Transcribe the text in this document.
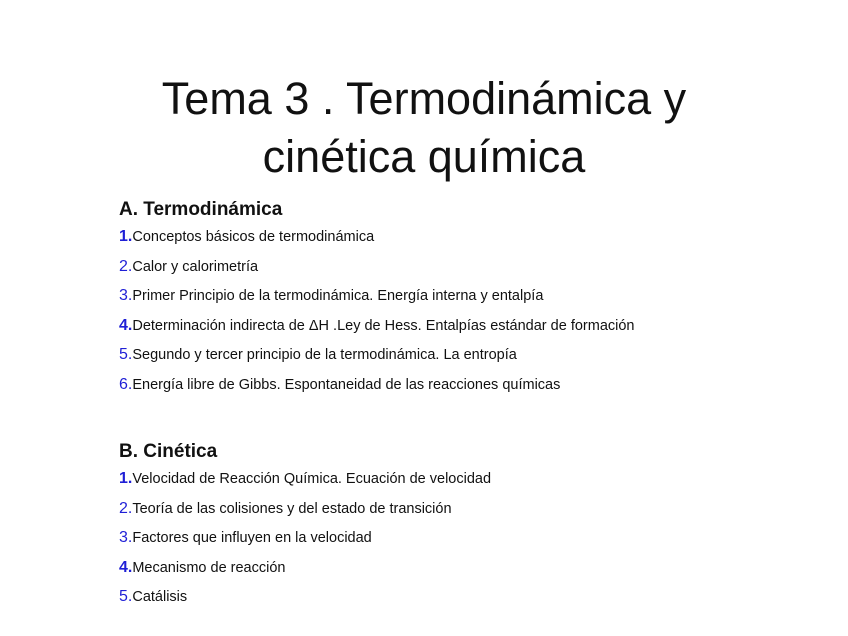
Tema 3 . Termodinámica y
cinética química
A. Termodinámica
1.Conceptos básicos de termodinámica
2.Calor y calorimetría
3.Primer Principio de la termodinámica. Energía interna y entalpía
4.Determinación indirecta de ΔH .Ley de Hess. Entalpías estándar de formación
5.Segundo y tercer principio de la termodinámica. La entropía
6.Energía libre de Gibbs. Espontaneidad de las reacciones químicas
B. Cinética
1.Velocidad de Reacción Química. Ecuación de velocidad
2.Teoría de las colisiones y del estado de transición
3.Factores que influyen en la velocidad
4.Mecanismo de reacción
5.Catálisis
